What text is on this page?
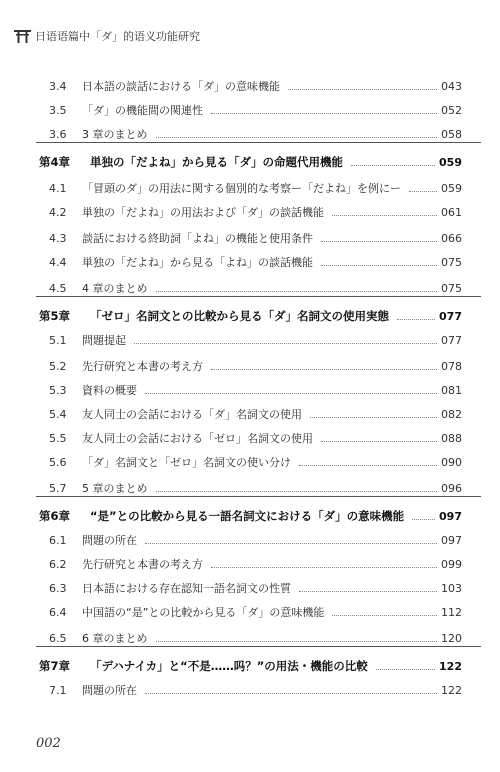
日语语篇中「ダ」的语义功能研究
3.4	日本語の談話における「ダ」の意味機能	043
3.5	「ダ」の機能間の関連性	052
3.6	3 章のまとめ	058
第4章	単独の「だよね」から見る「ダ」の命題代用機能	059
4.1	「冒頭のダ」の用法に関する個別的な考察ー「だよね」を例にー	059
4.2	単独の「だよね」の用法および「ダ」の談話機能	061
4.3	談話における終助詞「よね」の機能と使用条件	066
4.4	単独の「だよね」から見る「よね」の談話機能	075
4.5	4 章のまとめ	075
第5章	「ゼロ」名詞文との比較から見る「ダ」名詞文の使用実態	077
5.1	問題提起	077
5.2	先行研究と本書の考え方	078
5.3	資料の概要	081
5.4	友人同士の会話における「ダ」名詞文の使用	082
5.5	友人同士の会話における「ゼロ」名詞文の使用	088
5.6	「ダ」名詞文と「ゼロ」名詞文の使い分け	090
5.7	5 章のまとめ	096
第6章	“是”との比較から見る一語名詞文における「ダ」の意味機能	097
6.1	問題の所在	097
6.2	先行研究と本書の考え方	099
6.3	日本語における存在認知一語名詞文の性質	103
6.4	中国語の“是”との比較から見る「ダ」の意味機能	112
6.5	6 章のまとめ	120
第7章	「デハナイカ」と“不是……吗？”の用法・機能の比較	122
7.1	問題の所在	122
002
